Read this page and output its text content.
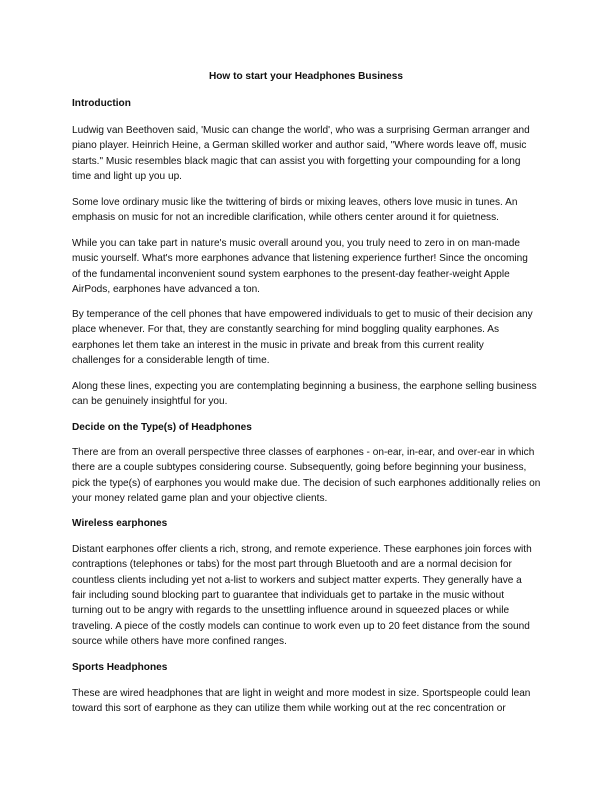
How to start your Headphones Business
Introduction
Ludwig van Beethoven said, 'Music can change the world', who was a surprising German arranger and
piano player. Heinrich Heine, a German skilled worker and author said, "Where words leave off, music
starts." Music resembles black magic that can assist you with forgetting your compounding for a long
time and light up you up.
Some love ordinary music like the twittering of birds or mixing leaves, others love music in tunes. An
emphasis on music for not an incredible clarification, while others center around it for quietness.
While you can take part in nature's music overall around you, you truly need to zero in on man-made
music yourself. What's more earphones advance that listening experience further! Since the oncoming
of the fundamental inconvenient sound system earphones to the present-day feather-weight Apple
AirPods, earphones have advanced a ton.
By temperance of the cell phones that have empowered individuals to get to music of their decision any
place whenever. For that, they are constantly searching for mind boggling quality earphones. As
earphones let them take an interest in the music in private and break from this current reality
challenges for a considerable length of time.
Along these lines, expecting you are contemplating beginning a business, the earphone selling business
can be genuinely insightful for you.
Decide on the Type(s) of Headphones
There are from an overall perspective three classes of earphones - on-ear, in-ear, and over-ear in which
there are a couple subtypes considering course. Subsequently, going before beginning your business,
pick the type(s) of earphones you would make due. The decision of such earphones additionally relies on
your money related game plan and your objective clients.
Wireless earphones
Distant earphones offer clients a rich, strong, and remote experience. These earphones join forces with
contraptions (telephones or tabs) for the most part through Bluetooth and are a normal decision for
countless clients including yet not a-list to workers and subject matter experts. They generally have a
fair including sound blocking part to guarantee that individuals get to partake in the music without
turning out to be angry with regards to the unsettling influence around in squeezed places or while
traveling. A piece of the costly models can continue to work even up to 20 feet distance from the sound
source while others have more confined ranges.
Sports Headphones
These are wired headphones that are light in weight and more modest in size. Sportspeople could lean
toward this sort of earphone as they can utilize them while working out at the rec concentration or
